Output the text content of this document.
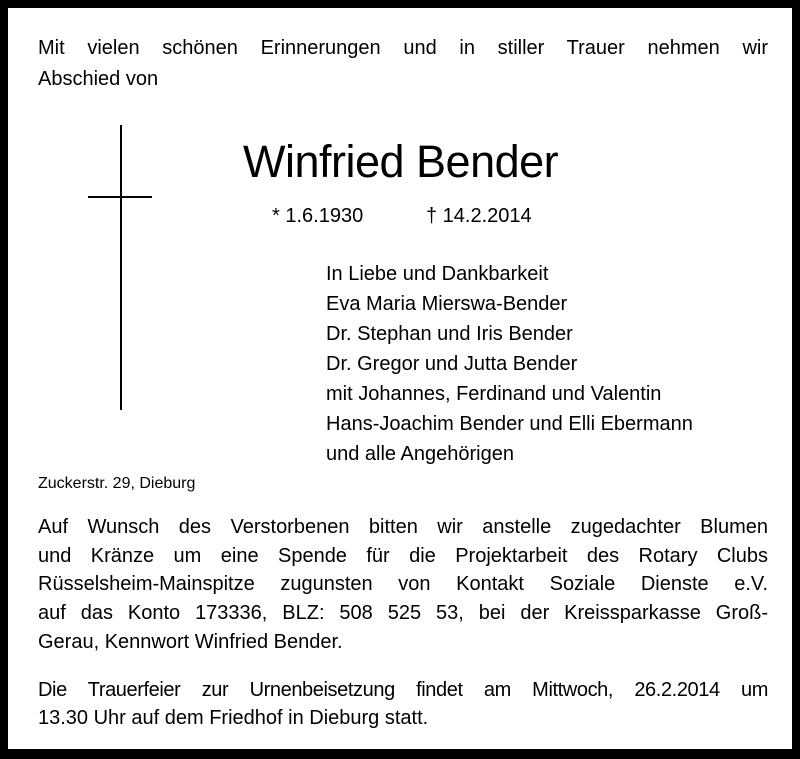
Mit vielen schönen Erinnerungen und in stiller Trauer nehmen wir
Abschied von
Winfried Bender
* 1.6.1930	† 14.2.2014
In Liebe und Dankbarkeit
Eva Maria Mierswa-Bender
Dr. Stephan und Iris Bender
Dr. Gregor und Jutta Bender
mit Johannes, Ferdinand und Valentin
Hans-Joachim Bender und Elli Ebermann
und alle Angehörigen
Zuckerstr. 29, Dieburg
Auf Wunsch des Verstorbenen bitten wir anstelle zugedachter Blumen
und Kränze um eine Spende für die Projektarbeit des Rotary Clubs
Rüsselsheim-Mainspitze zugunsten von Kontakt Soziale Dienste e.V.
auf das Konto 173336, BLZ: 508 525 53, bei der Kreissparkasse Groß-
Gerau, Kennwort Winfried Bender.
Die Trauerfeier zur Urnenbeisetzung findet am Mittwoch, 26.2.2014 um
13.30 Uhr auf dem Friedhof in Dieburg statt.
